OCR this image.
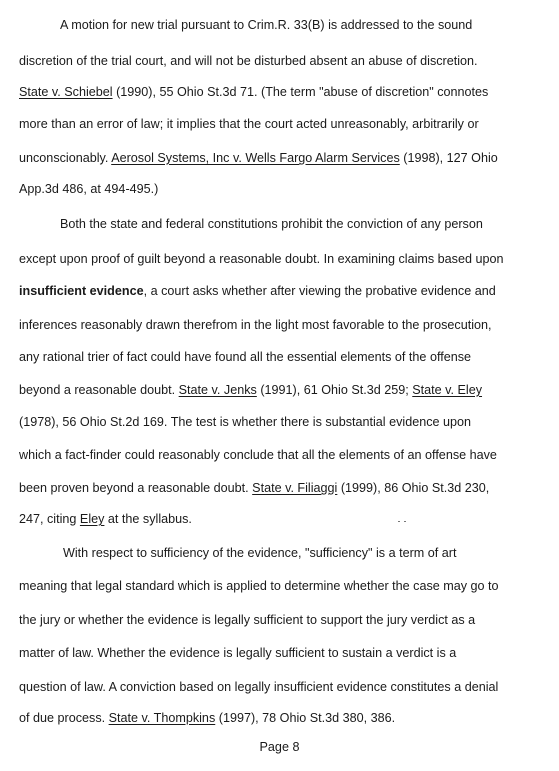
A motion for new trial pursuant to Crim.R. 33(B) is addressed to the sound
discretion of the trial court, and will not be disturbed absent an abuse of discretion.
State v. Schiebel (1990), 55 Ohio St.3d 71. (The term "abuse of discretion" connotes
more than an error of law; it implies that the court acted unreasonably, arbitrarily or
unconscionably. Aerosol Systems, Inc v. Wells Fargo Alarm Services (1998), 127 Ohio
App.3d 486, at 494-495.)
Both the state and federal constitutions prohibit the conviction of any person
except upon proof of guilt beyond a reasonable doubt. In examining claims based upon
insufficient evidence, a court asks whether after viewing the probative evidence and
inferences reasonably drawn therefrom in the light most favorable to the prosecution,
any rational trier of fact could have found all the essential elements of the offense
beyond a reasonable doubt. State v. Jenks (1991), 61 Ohio St.3d 259; State v. Eley
(1978), 56 Ohio St.2d 169. The test is whether there is substantial evidence upon
which a fact-finder could reasonably conclude that all the elements of an offense have
been proven beyond a reasonable doubt. State v. Filiaggi (1999), 86 Ohio St.3d 230,
247, citing Eley at the syllabus.
With respect to sufficiency of the evidence, "sufficiency" is a term of art
meaning that legal standard which is applied to determine whether the case may go to
the jury or whether the evidence is legally sufficient to support the jury verdict as a
matter of law. Whether the evidence is legally sufficient to sustain a verdict is a
question of law. A conviction based on legally insufficient evidence constitutes a denial
of due process. State v. Thompkins (1997), 78 Ohio St.3d 380, 386.
Page 8
